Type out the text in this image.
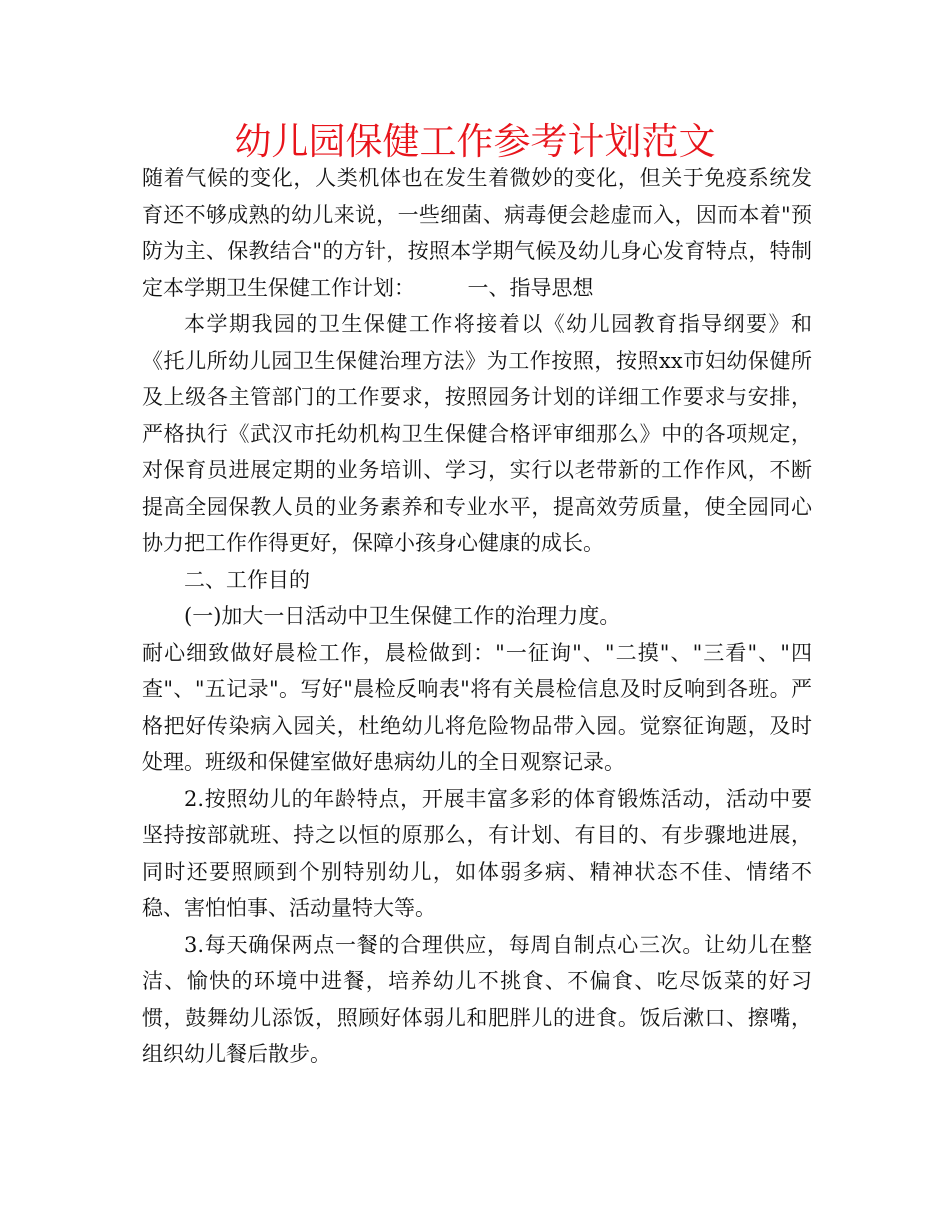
幼儿园保健工作参考计划范文

随着气候的变化，人类机体也在发生着微妙的变化，但关于免疫系统发育还不够成熟的幼儿来说，一些细菌、病毒便会趁虚而入，因而本着"预防为主、保教结合"的方针，按照本学期气候及幼儿身心发育特点，特制定本学期卫生保健工作计划：　　　一、指导思想

本学期我园的卫生保健工作将接着以《幼儿园教育指导纲要》和《托儿所幼儿园卫生保健治理方法》为工作按照，按照xx市妇幼保健所及上级各主管部门的工作要求，按照园务计划的详细工作要求与安排，严格执行《武汉市托幼机构卫生保健合格评审细那么》中的各项规定，对保育员进展定期的业务培训、学习，实行以老带新的工作作风，不断提高全园保教人员的业务素养和专业水平，提高效劳质量，使全园同心协力把工作作得更好，保障小孩身心健康的成长。

二、工作目的

(一)加大一日活动中卫生保健工作的治理力度。

耐心细致做好晨检工作，晨检做到："一征询"、"二摸"、"三看"、"四查"、"五记录"。写好"晨检反响表"将有关晨检信息及时反响到各班。严格把好传染病入园关，杜绝幼儿将危险物品带入园。觉察征询题，及时处理。班级和保健室做好患病幼儿的全日观察记录。

2.按照幼儿的年龄特点，开展丰富多彩的体育锻炼活动，活动中要坚持按部就班、持之以恒的原那么，有计划、有目的、有步骤地进展，同时还要照顾到个别特别幼儿，如体弱多病、精神状态不佳、情绪不稳、害怕怕事、活动量特大等。

3.每天确保两点一餐的合理供应，每周自制点心三次。让幼儿在整洁、愉快的环境中进餐，培养幼儿不挑食、不偏食、吃尽饭菜的好习惯，鼓舞幼儿添饭，照顾好体弱儿和肥胖儿的进食。饭后漱口、擦嘴，组织幼儿餐后散步。
